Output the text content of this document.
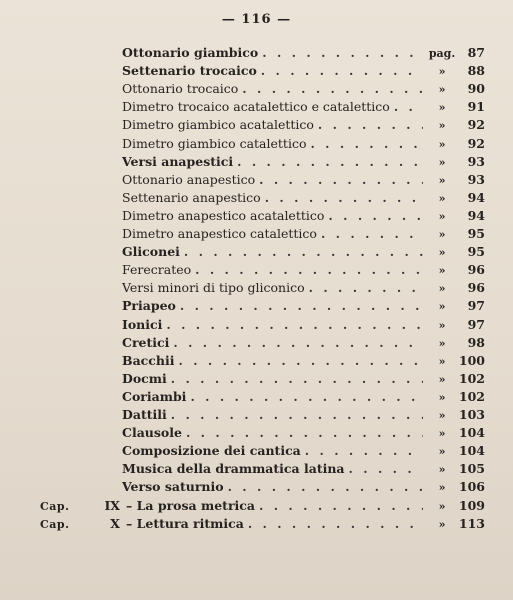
— 116 —
Ottonario giambico . . .	pag. 87
Settenario trocaico . . .	»	88
Ottonario trocaico . . .	»	90
Dimetro trocaico acatalettico e catalettico . . .	»	91
Dimetro giambico acatalettico . . .	»	92
Dimetro giambico catalettico . . .	»	92
Versi anapestici . . .	»	93
Ottonario anapestico . . .	»	93
Settenario anapestico . . .	»	94
Dimetro anapestico acatalettico . . .	»	94
Dimetro anapestico catalettico . . .	»	95
Gliconei . . .	»	95
Ferecrateo . . .	»	96
Versi minori di tipo gliconico . . .	»	96
Priapeo . . .	»	97
Ionici . . .	»	97
Cretici . . .	»	98
Bacchii . . .	»	100
Docmi . . .	»	102
Coriambi . . .	»	102
Dattili . . .	»	103
Clausole . . .	»	104
Composizione dei cantica . . .	»	104
Musica della drammatica latina . . .	»	105
Verso saturnio . . .	»	106
Cap.	IX – La prosa metrica . . .	»	109
Cap.	X – Lettura ritmica . . .	»	113
